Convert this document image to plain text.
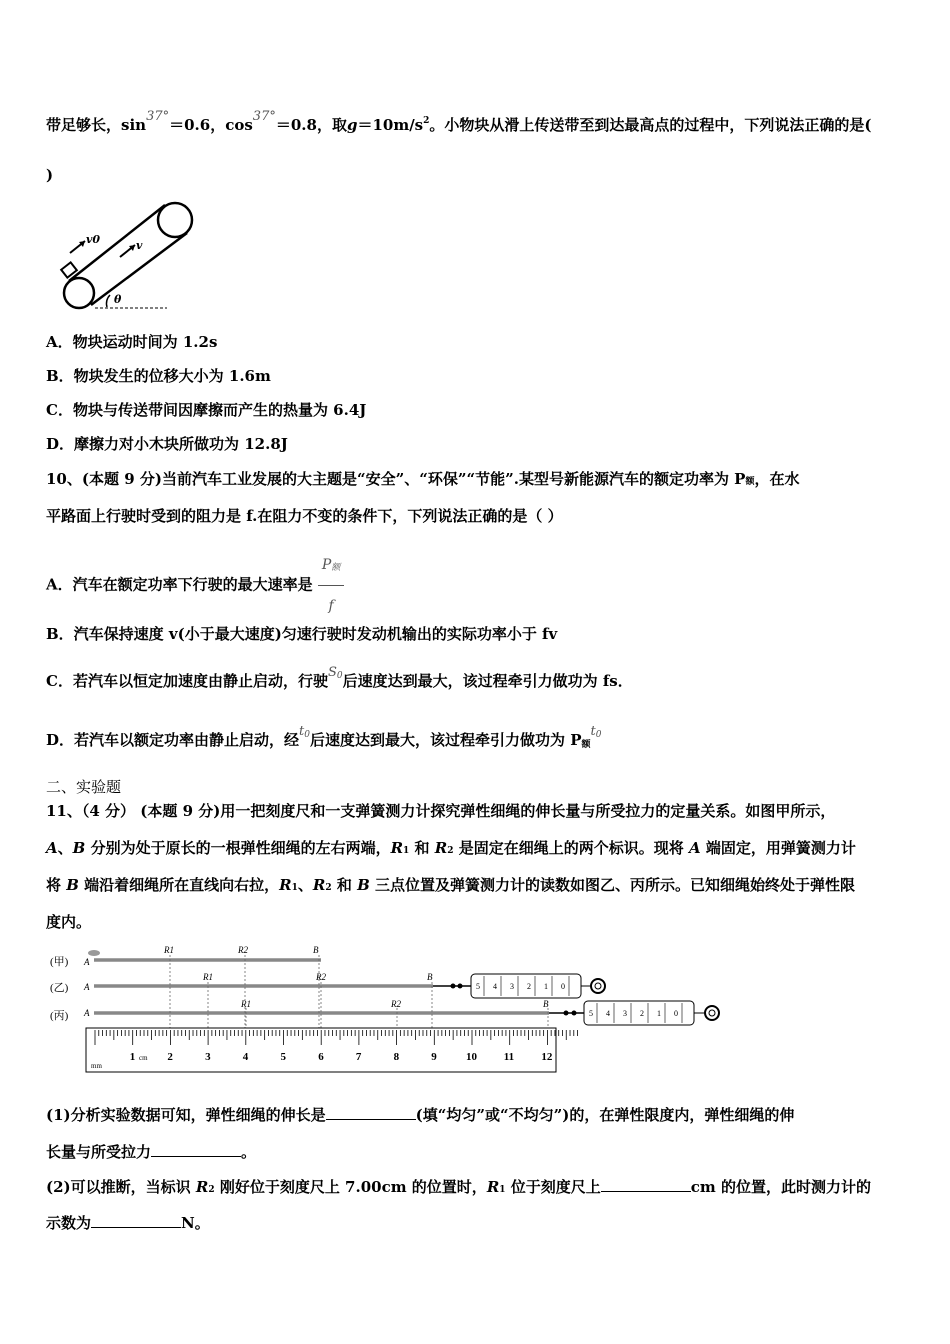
带足够长，sin37°＝0.6，cos37°＝0.8，取$g=10m/s^2$。小物块从滑上传送带至到达最高点的过程中，下列说法正确的是(
)
v0	v
θ
A．物块运动时间为 1.2s
B．物块发生的位移大小为 1.6m
C．物块与传送带间因摩擦而产生的热量为 6.4J
D．摩擦力对小木块所做功为 12.8J
10、(本题 9 分)当前汽车工业发展的大主题是“安全”、“环保”“节能”.某型号新能源汽车的额定功率为 $P_额$，在水
平路面上行驶时受到的阻力是 f.在阻力不变的条件下，下列说法正确的是（ ）
A．汽车在额定功率下行驶的最大速率是 $\frac{P_额}{f}$
B．汽车保持速度 v(小于最大速度)匀速行驶时发动机输出的实际功率小于 fv
C．若汽车以恒定加速度由静止启动，行驶$S_0$后速度达到最大，该过程牵引力做功为 fs．
D．若汽车以额定功率由静止启动，经$t_0$后速度达到最大，该过程牵引力做功为 $P_额t_0$
二、实验题
11、（4 分） (本题 9 分)用一把刻度尺和一支弹簧测力计探究弹性细绳的伸长量与所受拉力的定量关系。如图甲所示，
A、B 分别为处于原长的一根弹性细绳的左右两端，$R_1$ 和 $R_2$ 是固定在细绳上的两个标识。现将 A 端固定，用弹簧测力计
将 B 端沿着细绳所在直线向右拉，$R_1$、$R_2$ 和 B 三点位置及弹簧测力计的读数如图乙、丙所示。已知细绳始终处于弹性限
度内。
(甲)
(乙)
(丙)
A
R1	R2	B
A
R1	R2	B
5 4 3 2 1 0
A
R1	R2	B
5 4 3 2 1 0
1	2	3	4	5	6	7	8	9	10 11 12
cm
mm
(1)分析实验数据可知，弹性细绳的伸长是	(填“均匀”或“不均匀”)的，在弹性限度内，弹性细绳的伸
长量与所受拉力	。
(2)可以推断，当标识 $R_2$ 刚好位于刻度尺上 7.00cm 的位置时，$R_1$ 位于刻度尺上	cm 的位置，此时测力计的
示数为	N。
